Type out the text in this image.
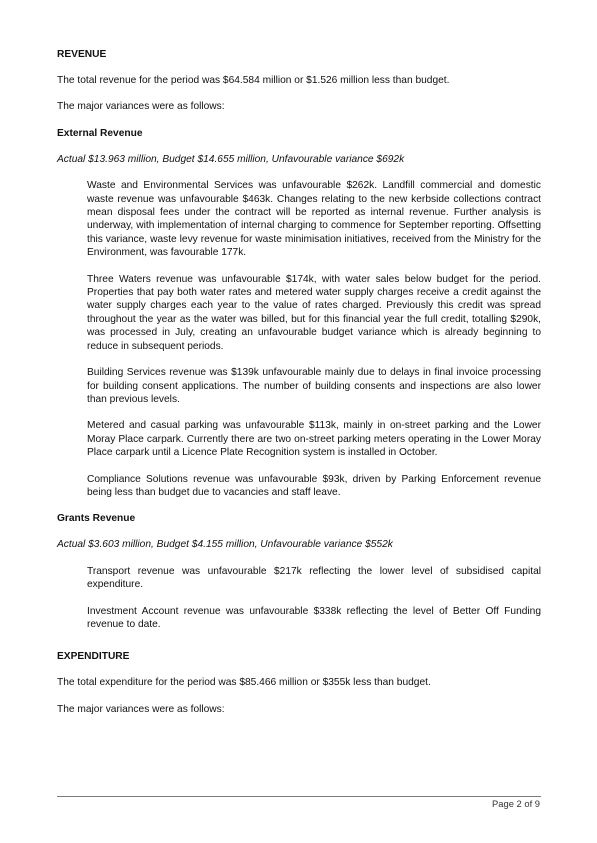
REVENUE

The total revenue for the period was $64.584 million or $1.526 million less than budget.

The major variances were as follows:

External Revenue

Actual $13.963 million, Budget $14.655 million, Unfavourable variance $692k

Waste and Environmental Services was unfavourable $262k. Landfill commercial and domestic waste revenue was unfavourable $463k. Changes relating to the new kerbside collections contract mean disposal fees under the contract will be reported as internal revenue. Further analysis is underway, with implementation of internal charging to commence for September reporting. Offsetting this variance, waste levy revenue for waste minimisation initiatives, received from the Ministry for the Environment, was favourable 177k.

Three Waters revenue was unfavourable $174k, with water sales below budget for the period. Properties that pay both water rates and metered water supply charges receive a credit against the water supply charges each year to the value of rates charged. Previously this credit was spread throughout the year as the water was billed, but for this financial year the full credit, totalling $290k, was processed in July, creating an unfavourable budget variance which is already beginning to reduce in subsequent periods.

Building Services revenue was $139k unfavourable mainly due to delays in final invoice processing for building consent applications. The number of building consents and inspections are also lower than previous levels.

Metered and casual parking was unfavourable $113k, mainly in on-street parking and the Lower Moray Place carpark. Currently there are two on-street parking meters operating in the Lower Moray Place carpark until a Licence Plate Recognition system is installed in October.

Compliance Solutions revenue was unfavourable $93k, driven by Parking Enforcement revenue being less than budget due to vacancies and staff leave.

Grants Revenue

Actual $3.603 million, Budget $4.155 million, Unfavourable variance $552k

Transport revenue was unfavourable $217k reflecting the lower level of subsidised capital expenditure.

Investment Account revenue was unfavourable $338k reflecting the level of Better Off Funding revenue to date.

EXPENDITURE

The total expenditure for the period was $85.466 million or $355k less than budget.

The major variances were as follows:

Page 2 of 9
